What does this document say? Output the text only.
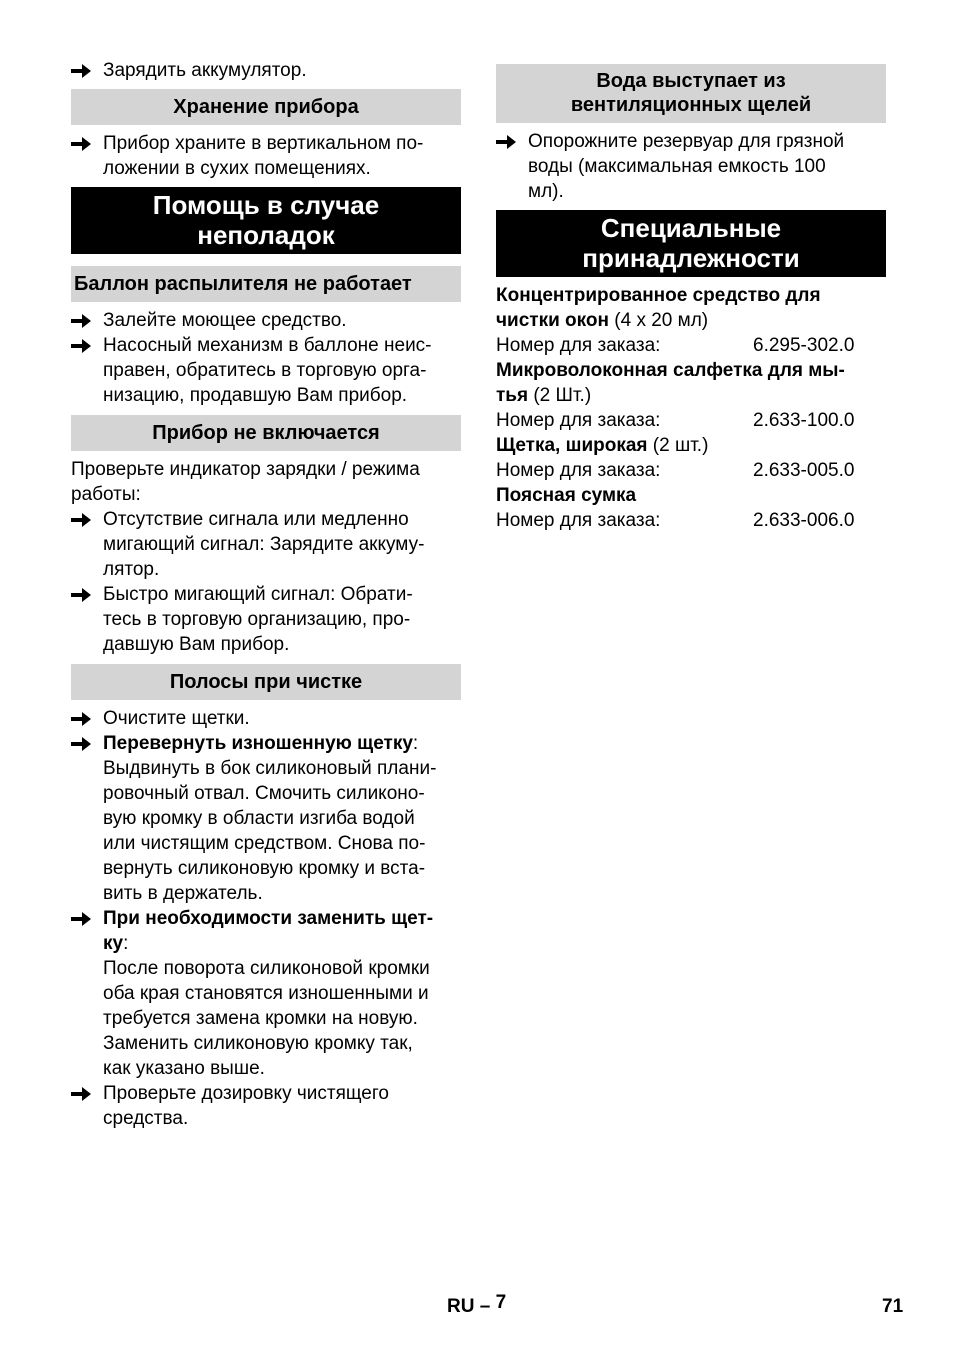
Зарядить аккумулятор.
Хранение прибора
Прибор храните в вертикальном по-
ложении в сухих помещениях.
Помощь в случае
неполадок
Баллон распылителя не работает
Залейте моющее средство.
Насосный механизм в баллоне неис-
правен, обратитесь в торговую орга-
низацию, продавшую Вам прибор.
Прибор не включается
Проверьте индикатор зарядки / режима
работы:
Отсутствие сигнала или медленно
мигающий сигнал: Зарядите аккуму-
лятор.
Быстро мигающий сигнал: Обрати-
тесь в торговую организацию, про-
давшую Вам прибор.
Полосы при чистке
Очистите щетки.
Перевернуть изношенную щетку:
Выдвинуть в бок силиконовый плани-
ровочный отвал. Смочить силиконо-
вую кромку в области изгиба водой
или чистящим средством. Снова по-
вернуть силиконовую кромку и вста-
вить в держатель.
При необходимости заменить щет-
ку:
После поворота силиконовой кромки
оба края становятся изношенными и
требуется замена кромки на новую.
Заменить силиконовую кромку так,
как указано выше.
Проверьте дозировку чистящего
средства.
Вода выступает из
вентиляционных щелей
Опорожните резервуар для грязной
воды (максимальная емкость 100
мл).
Специальные
принадлежности
Концентрированное средство для
чистки окон (4 x 20 мл)
Номер для заказа:	6.295-302.0
Микроволоконная салфетка для мы-
тья (2 Шт.)
Номер для заказа:	2.633-100.0
Щетка, широкая (2 шт.)
Номер для заказа:	2.633-005.0
Поясная сумка
Номер для заказа:	2.633-006.0
RU – 7	71
